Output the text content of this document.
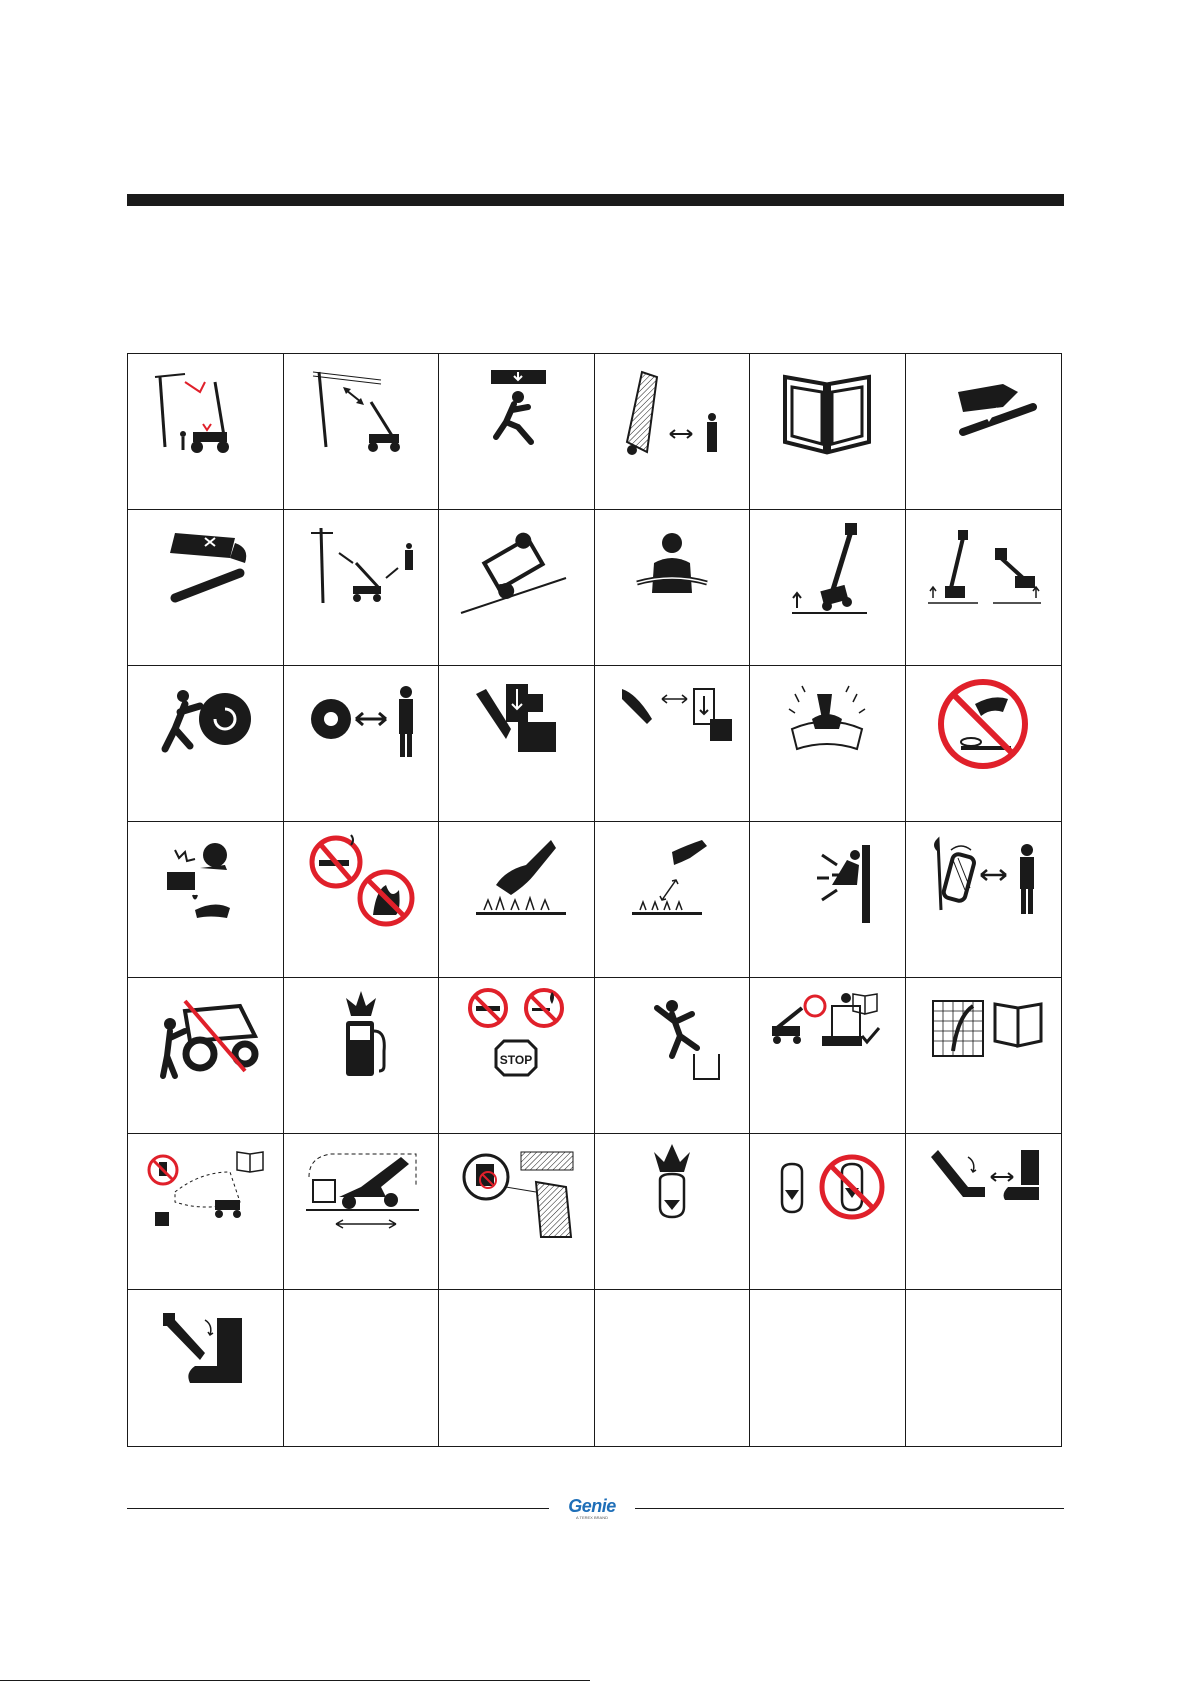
STOP
Genie
A TEREX BRAND
